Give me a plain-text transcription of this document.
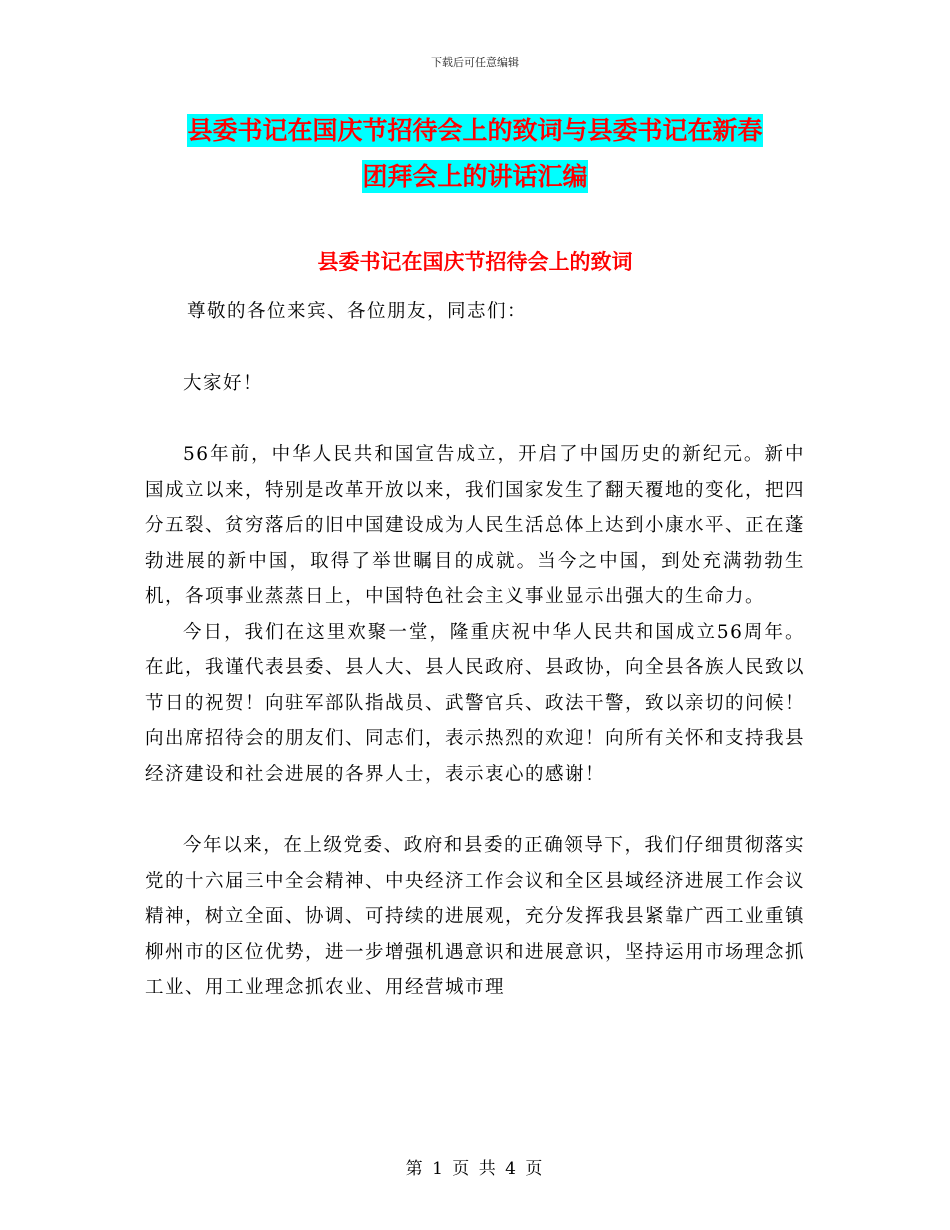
下载后可任意编辑
县委书记在国庆节招待会上的致词与县委书记在新春
团拜会上的讲话汇编
县委书记在国庆节招待会上的致词

尊敬的各位来宾、各位朋友，同志们：

大家好！

56年前，中华人民共和国宣告成立，开启了中国历史的新纪元。新中国成立以来，特别是改革开放以来，我们国家发生了翻天覆地的变化，把四分五裂、贫穷落后的旧中国建设成为人民生活总体上达到小康水平、正在蓬勃进展的新中国，取得了举世瞩目的成就。当今之中国，到处充满勃勃生机，各项事业蒸蒸日上，中国特色社会主义事业显示出强大的生命力。

今日，我们在这里欢聚一堂，隆重庆祝中华人民共和国成立56周年。在此，我谨代表县委、县人大、县人民政府、县政协，向全县各族人民致以节日的祝贺！向驻军部队指战员、武警官兵、政法干警，致以亲切的问候！向出席招待会的朋友们、同志们，表示热烈的欢迎！向所有关怀和支持我县经济建设和社会进展的各界人士，表示衷心的感谢！

今年以来，在上级党委、政府和县委的正确领导下，我们仔细贯彻落实党的十六届三中全会精神、中央经济工作会议和全区县域经济进展工作会议精神，树立全面、协调、可持续的进展观，充分发挥我县紧靠广西工业重镇柳州市的区位优势，进一步增强机遇意识和进展意识，坚持运用市场理念抓工业、用工业理念抓农业、用经营城市理

第 1 页 共 4 页
